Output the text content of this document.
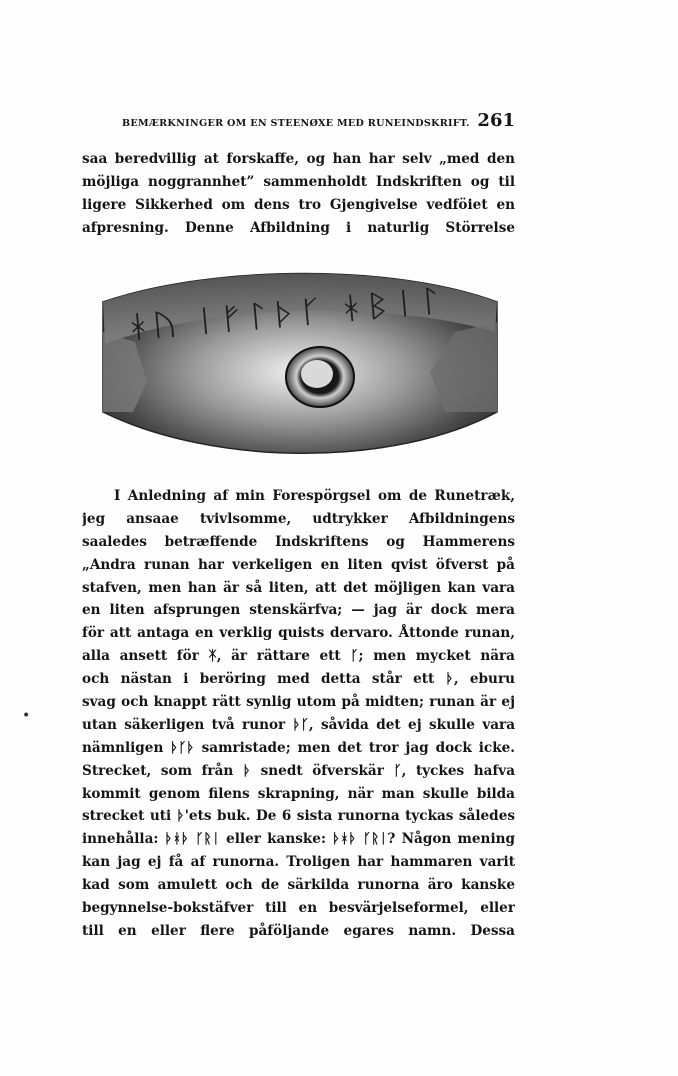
BEMÆRKNINGER OM EN STEENØXE MED RUNEINDSKRIFT. 261
saa beredvillig at forskaffe, og han har selv „med den
möjliga noggrannhet” sammenholdt Indskriften og til
ligere Sikkerhed om dens tro Gjengivelse vedföiet en
afpresning. Denne Afbildning i naturlig Störrelse
ᚼᚢ ᛁᚠᛚᚦᚴ ᚼᛒᛁᛚ
I Anledning af min Forespörgsel om de Runetræk,
jeg ansaae tvivlsomme, udtrykker Afbildningens
saaledes betræffende Indskriftens og Hammerens
„Andra runan har verkeligen en liten qvist öfverst på
stafven, men han är så liten, att det möjligen kan vara
en liten afsprungen stenskärfva; — jag är dock mera
för att antaga en verklig quists dervaro. Åttonde runan,
alla ansett för ᛡ, är rättare ett ᚴ; men mycket nära
och nästan i beröring med detta står ett ᚦ, eburu
svag och knappt rätt synlig utom på midten; runan är ej
utan säkerligen två runor ᚦᚴ, såvida det ej skulle vara
nämnligen ᚦᚴᚦ samristade; men det tror jag dock icke.
Strecket, som från ᚦ snedt öfverskär ᚴ, tyckes hafva
kommit genom filens skrapning, när man skulle bilda
strecket uti ᚦ'ets buk. De 6 sista runorna tyckas således
innehålla: ᚦᚼᚦ ᚴᚱᛁ eller kanske: ᚦᚼᚦ ᚴᚱᛁ? Någon mening
kan jag ej få af runorna. Troligen har hammaren varit
kad som amulett och de särkilda runorna äro kanske
begynnelse-bokstäfver till en besvärjelseformel, eller
till en eller flere påföljande egares namn. Dessa
•
